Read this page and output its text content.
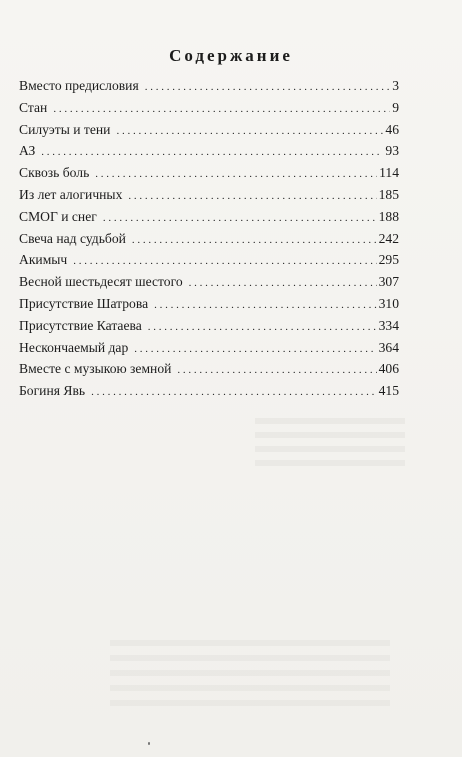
Содержание
Вместо предисловия . . .	3
Стан . . .	9
Силуэты и тени . . .	46
АЗ . . .	93
Сквозь боль . . .	114
Из лет алогичных . . .	185
СМОГ и снег . . .	188
Свеча над судьбой . . .	242
Акимыч . . .	295
Весной шестьдесят шестого . . .	307
Присутствие Шатрова . . .	310
Присутствие Катаева . . .	334
Нескончаемый дар . . .	364
Вместе с музыкою земной . . .	406
Богиня Явь . . .	415
